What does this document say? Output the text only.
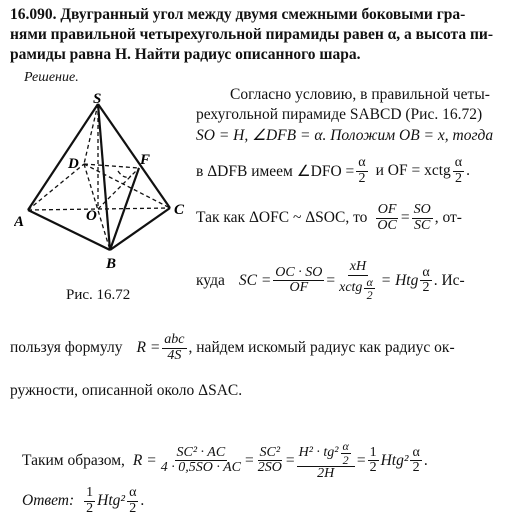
16.090. Двугранный угол между двумя смежными боковыми гра-
нями правильной четырехугольной пирамиды равен α, а высота пи-
рамиды равна H. Найти радиус описанного шара.
Решение.
S
D	F
A	O	C
B
Рис. 16.72
Согласно условию, в правильной четы-
рехугольной пирамиде SABCD (Рис. 16.72)
SO = H, ∠DFB = α. Положим OB = x, тогда
в ΔDFB имеем ∠DFO = $\frac{\alpha}{2}$ и OF = xctg $\frac{\alpha}{2}$ .
Так как ΔOFC ~ ΔSOC, то $\frac{OF}{OC} = \frac{SO}{SC}$ , от-
куда SC = $\frac{OC \cdot SO}{OF} = \frac{xH}{xctg \frac{\alpha}{2}}$ = Htg $\frac{\alpha}{2}$ . Ис-
пользуя формулу $R = \frac{\text{abc}}{4S}$ , найдем искомый радиус как радиус ок-
ружности, описанной около ΔSAC.
Таким образом, $R = \frac{\text{SC² · AC}}{4 \cdot 0,5SO \cdot AC} = \frac{\text{SC²}}{2SO} = \frac{H^2 \cdot tg^2 \frac{\alpha}{2}}{2H} = \frac{1}{2} Htg^2 \frac{\alpha}{2}$ .
Ответ: $\frac{1}{2} Htg^2 \frac{\alpha}{2}$ .
